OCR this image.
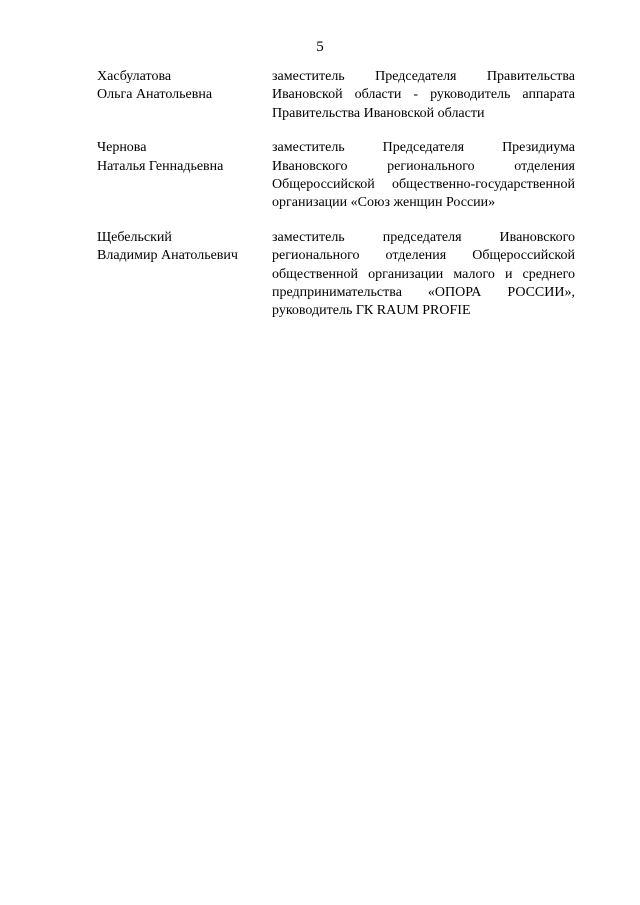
5
Хасбулатова
Ольга Анатольевна
заместитель Председателя Правительства Ивановской области - руководитель аппарата Правительства Ивановской области
Чернова
Наталья Геннадьевна
заместитель Председателя Президиума Ивановского регионального отделения Общероссийской общественно-государственной организации «Союз женщин России»
Щебельский
Владимир Анатольевич
заместитель председателя Ивановского регионального отделения Общероссийской общественной организации малого и среднего предпринимательства «ОПОРА РОССИИ», руководитель ГК RAUM PROFIE
